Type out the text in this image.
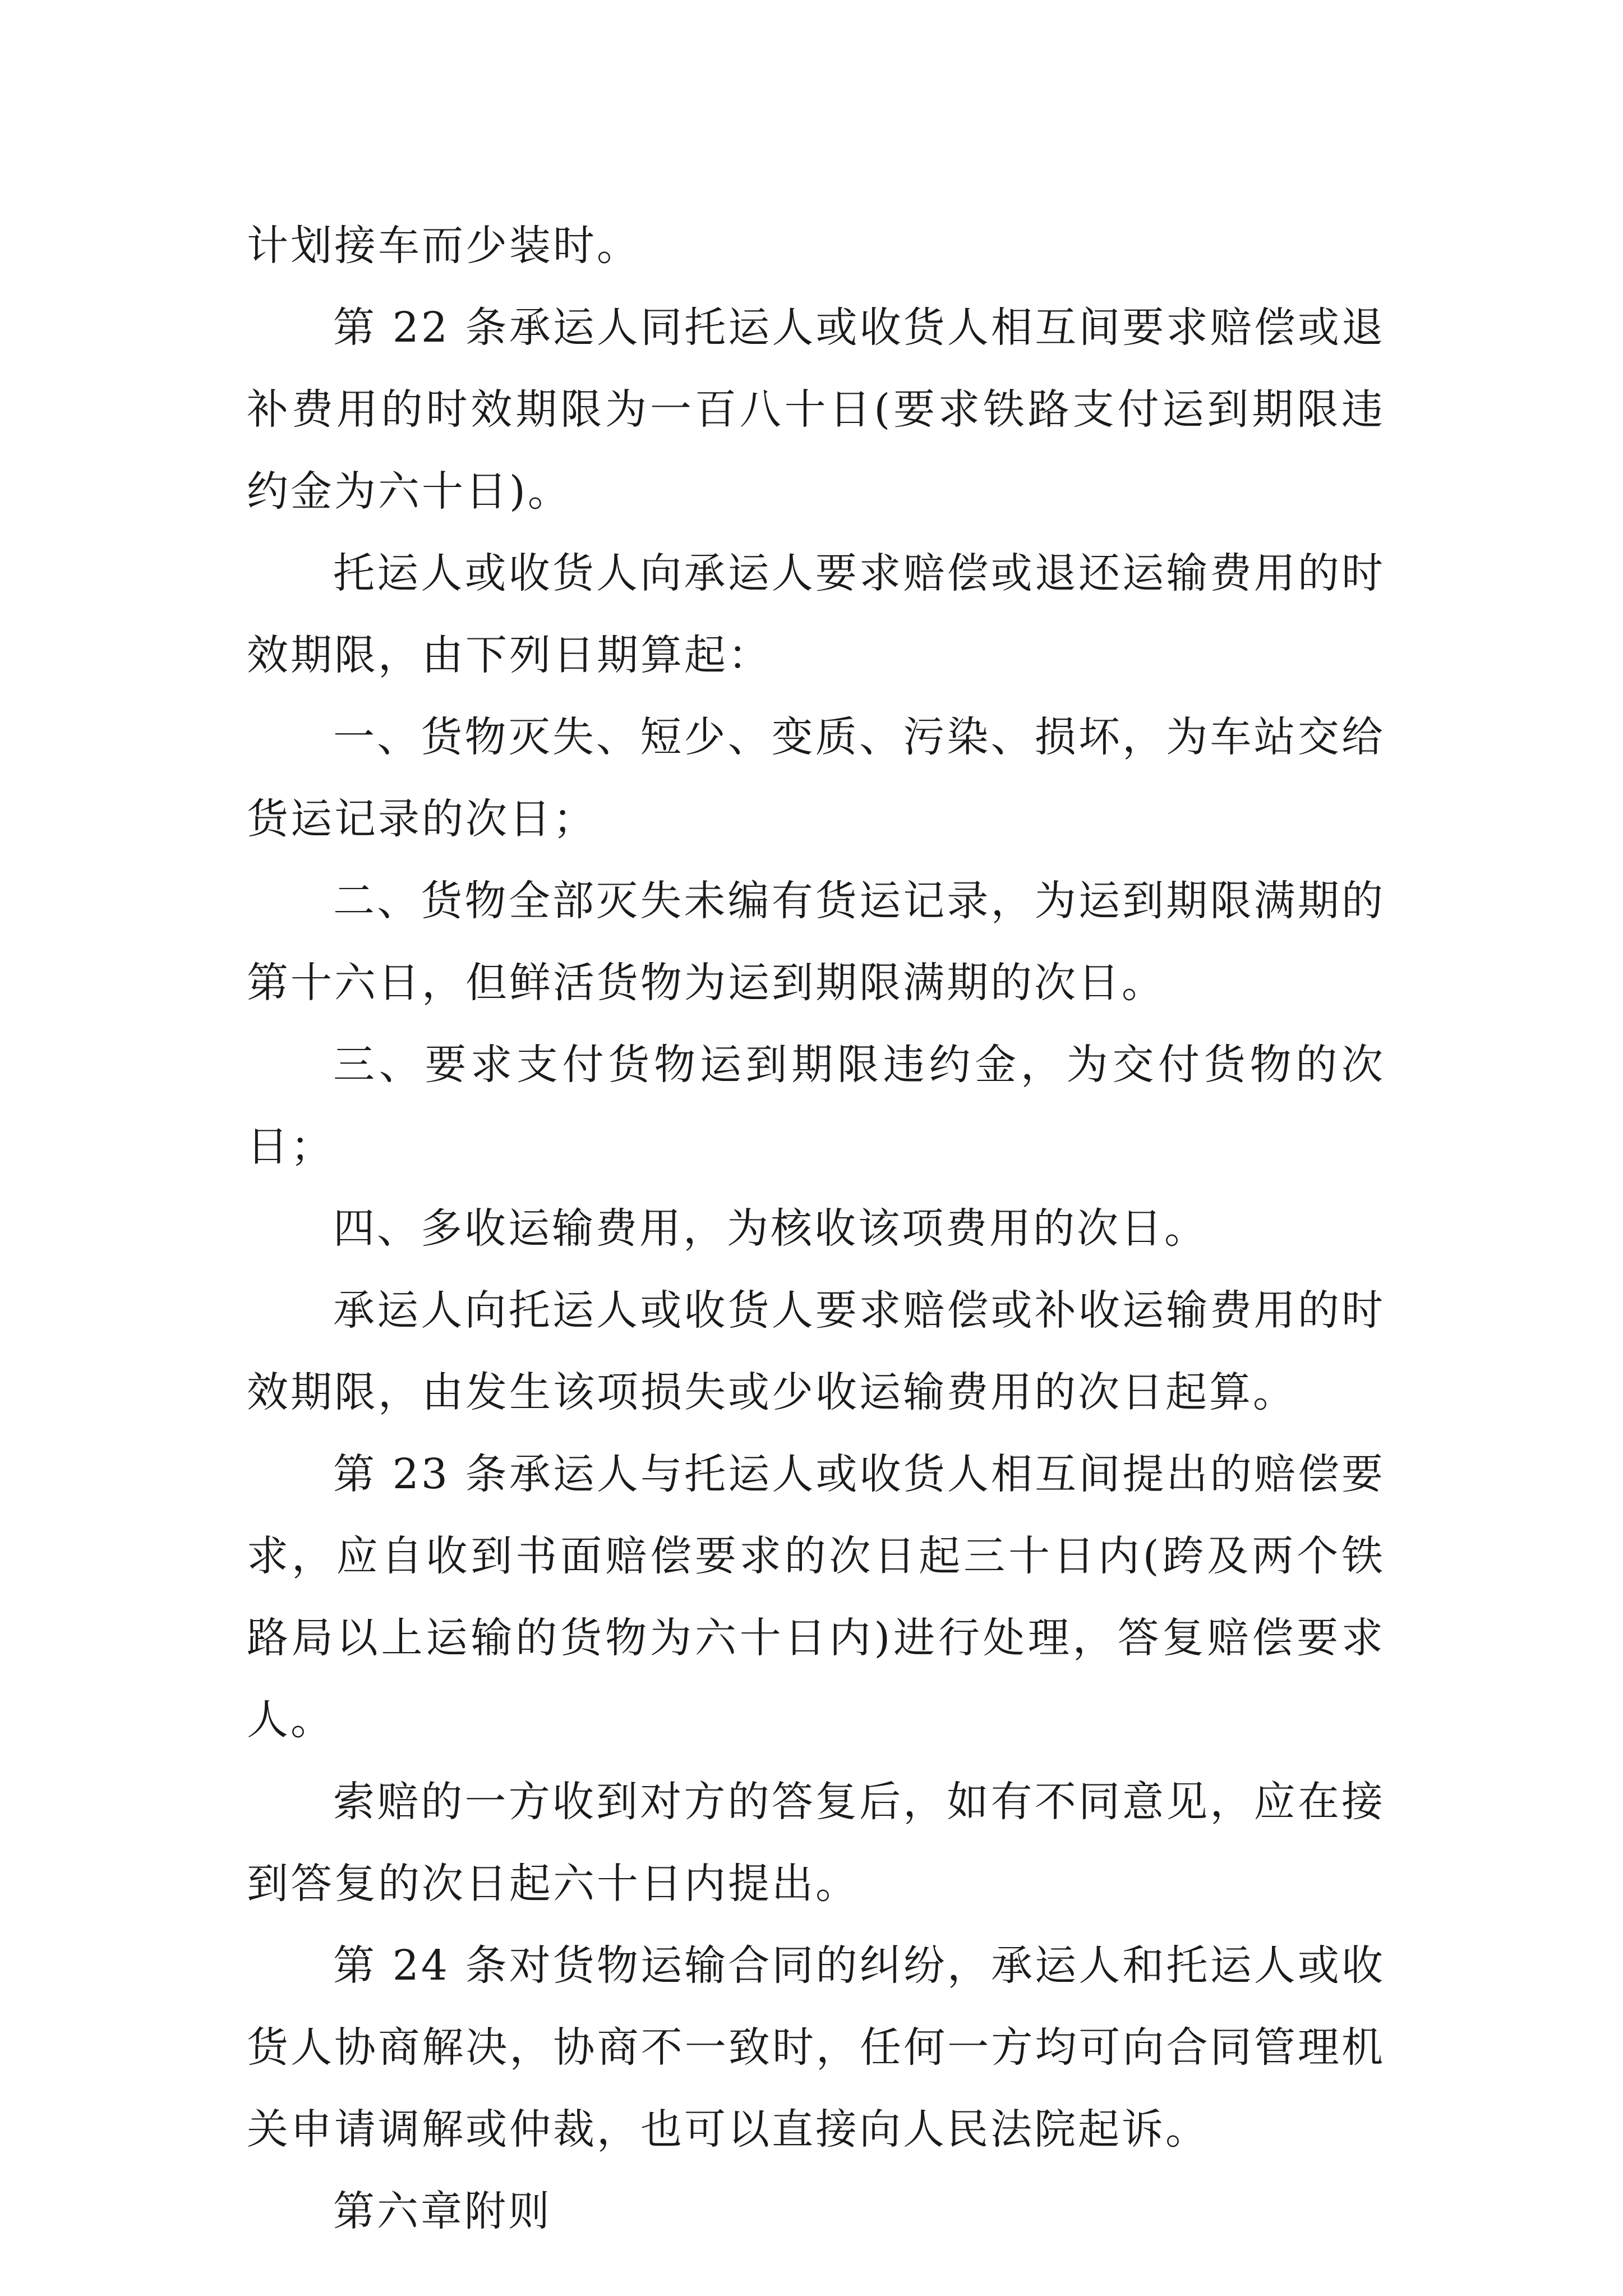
计划接车而少装时。

第 22 条承运人同托运人或收货人相互间要求赔偿或退补费用的时效期限为一百八十日(要求铁路支付运到期限违约金为六十日)。

托运人或收货人向承运人要求赔偿或退还运输费用的时效期限，由下列日期算起：

一、货物灭失、短少、变质、污染、损坏，为车站交给货运记录的次日；

二、货物全部灭失未编有货运记录，为运到期限满期的第十六日，但鲜活货物为运到期限满期的次日。

三、要求支付货物运到期限违约金，为交付货物的次日；

四、多收运输费用，为核收该项费用的次日。

承运人向托运人或收货人要求赔偿或补收运输费用的时效期限，由发生该项损失或少收运输费用的次日起算。

第 23 条承运人与托运人或收货人相互间提出的赔偿要求，应自收到书面赔偿要求的次日起三十日内(跨及两个铁路局以上运输的货物为六十日内)进行处理，答复赔偿要求人。

索赔的一方收到对方的答复后，如有不同意见，应在接到答复的次日起六十日内提出。

第 24 条对货物运输合同的纠纷，承运人和托运人或收货人协商解决，协商不一致时，任何一方均可向合同管理机关申请调解或仲裁，也可以直接向人民法院起诉。

第六章附则
